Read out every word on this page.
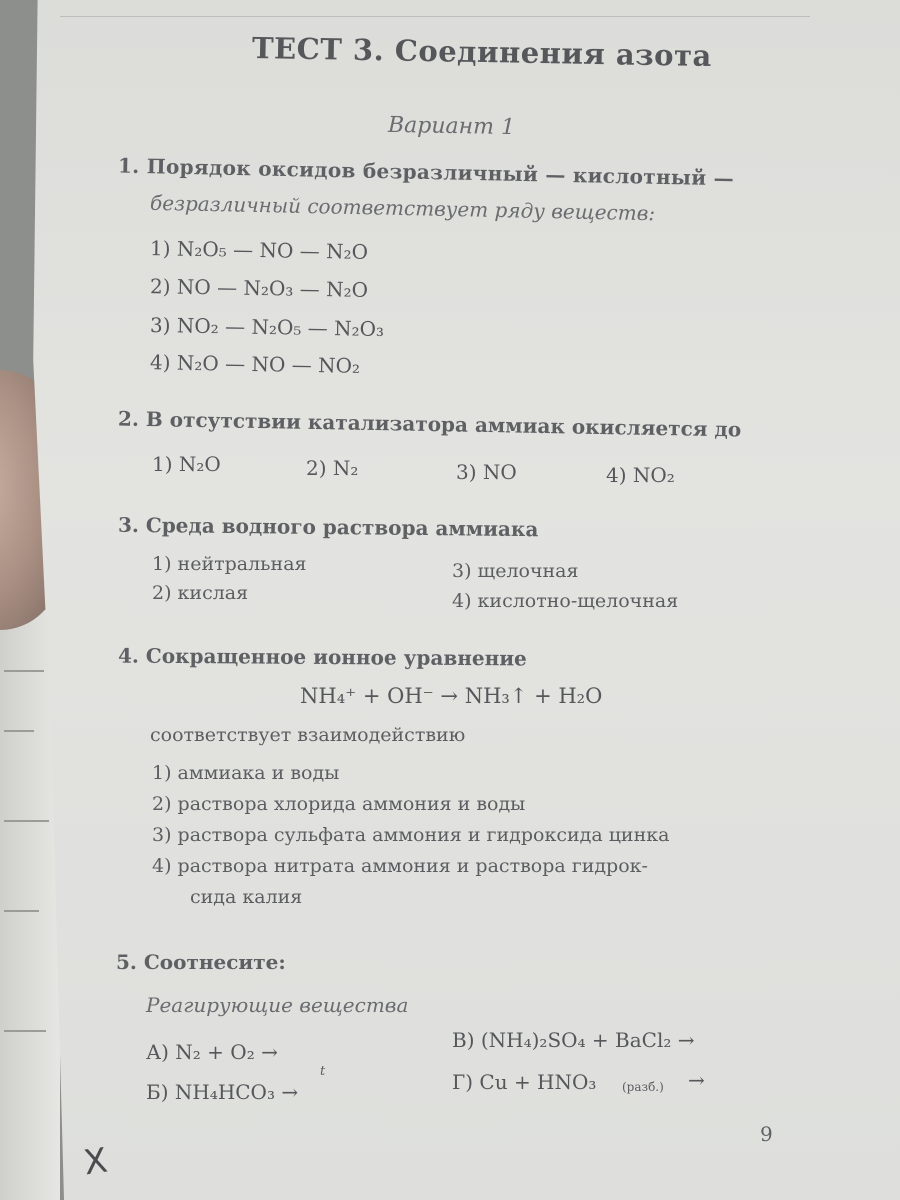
ТЕСТ 3. Соединения азота
Вариант 1
1. Порядок оксидов безразличный — кислотный —
безразличный соответствует ряду веществ:
1) N₂O₅ — NO — N₂O
2) NO — N₂O₃ — N₂O
3) NO₂ — N₂O₅ — N₂O₃
4) N₂O — NO — NO₂
2. В отсутствии катализатора аммиак окисляется до
1) N₂O	2) N₂	3) NO	4) NO₂
3. Среда водного раствора аммиака
1) нейтральная
2) кислая
3) щелочная
4) кислотно-щелочная
4. Сокращенное ионное уравнение
NH₄⁺ + OH⁻ → NH₃↑ + H₂O
соответствует взаимодействию
1) аммиака и воды
2) раствора хлорида аммония и воды
3) раствора сульфата аммония и гидроксида цинка
4) раствора нитрата аммония и раствора гидрок-
сида калия
5. Соотнесите:
Реагирующие вещества
А) N₂ + O₂ →	В) (NH₄)₂SO₄ + BaCl₂ →
Б) NH₄HCO₃ →
t	Г) Cu + HNO₃ (разб.) →
9
X
